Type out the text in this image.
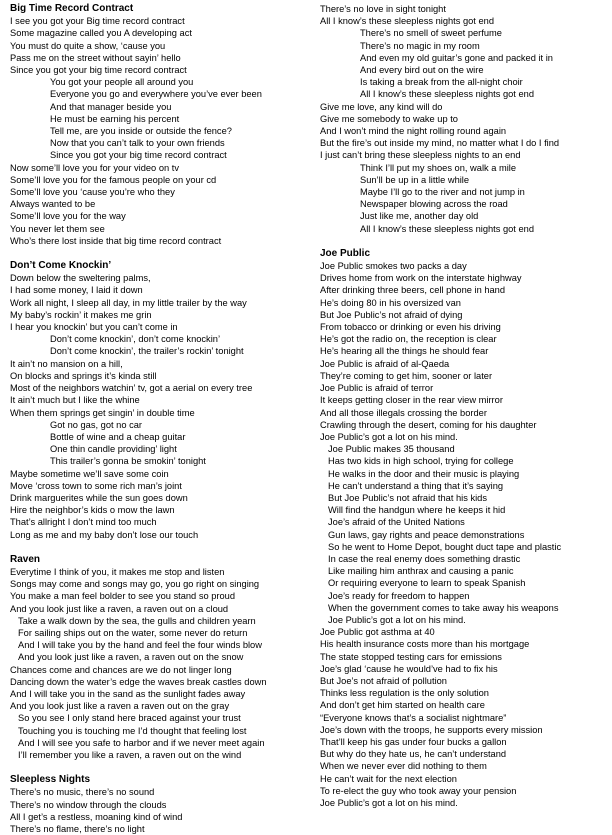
Big Time Record Contract
I see you got your Big time record contract
Some magazine called you A developing act
You must do quite a show, ‘cause you
Pass me on the street without sayin’ hello
Since you got your big time record contract
You got your people all around you
Everyone you go and everywhere you’ve ever been
And that manager beside you
He must be earning his percent
Tell me, are you inside or outside the fence?
Now that you can’t talk to your own friends
Since you got your big time record contract
Now some’ll love you for your video on tv
Some’ll love you for the famous people on your cd
Some’ll love you ‘cause you’re who they
Always wanted to be
Some’ll love you for the way
You never let them see
Who’s there lost inside that big time record contract
Don’t Come Knockin’
Down below the sweltering palms,
I had some money, I laid it down
Work all night, I sleep all day, in my little trailer by the way
My baby’s rockin’ it makes me grin
I hear you knockin’ but you can’t come in
Don’t come knockin’, don’t come knockin’
Don’t come knockin’, the trailer’s rockin’ tonight
It ain’t no mansion on a hill,
On blocks and springs it’s kinda still
Most of the neighbors watchin’ tv, got a aerial on every tree
It ain’t much but I like the whine
When them springs get singin’ in double time
Got no gas, got no car
Bottle of wine and a cheap guitar
One thin candle providing’ light
This trailer’s gonna be smokin’ tonight
Maybe sometime we’ll save some coin
Move ‘cross town to some rich man’s joint
Drink marguerites while the sun goes down
Hire the neighbor’s kids o mow the lawn
That’s allright I don’t mind too much
Long as me and my baby don’t lose our touch
Raven
Everytime I think of you, it makes me stop and listen
Songs may come and songs may go, you go right on singing
You make a man feel bolder to see you stand so proud
And you look just like a raven, a raven out on a cloud
Take a walk down by the sea, the gulls and children yearn
For sailing ships out on the water, some never do return
And I will take you by the hand and feel the four winds blow
And you look just like a raven, a raven out on the snow
Chances come and chances are we do not linger long
Dancing down the water’s edge the waves break castles down
And I will take you in the sand as the sunlight fades away
And you look just like a raven a raven out on the gray
So you see I only stand here braced against your trust
Touching you is touching me I’d thought that feeling lost
And I will see you safe to harbor and if we never meet again
I’ll remember you like a raven, a raven out on the wind
Sleepless Nights
There’s no music, there’s no sound
There’s no window through the clouds
All I get’s a restless, moaning kind of wind
There’s no flame, there’s no light
There’s no love in sight tonight
All I know’s these sleepless nights got end
There’s no smell of sweet perfume
There’s no magic in my room
And even my old guitar’s gone and packed it in
And every bird out on the wire
Is taking a break from the all-night choir
All I know’s these sleepless nights got end
Give me love, any kind will do
Give me somebody to wake up to
And I won’t mind the night rolling round again
But the fire’s out inside my mind, no matter what I do I find
I just can’t bring these sleepless nights to an end
Think I’ll put my shoes on, walk a mile
Sun’ll be up in a little while
Maybe I’ll go to the river and not jump in
Newspaper blowing across the road
Just like me, another day old
All I know’s these sleepless nights got end
Joe Public
Joe Public smokes two packs a day
Drives home from work on the interstate highway
After drinking three beers, cell phone in hand
He’s doing 80 in his oversized van
But Joe Public’s not afraid of dying
From tobacco or drinking or even his driving
He’s got the radio on, the reception is clear
He’s hearing all the things he should fear
Joe Public is afraid of al-Qaeda
They’re coming to get him, sooner or later
Joe Public is afraid of terror
It keeps getting closer in the rear view mirror
And all those illegals crossing the border
Crawling through the desert, coming for his daughter
Joe Public’s got a lot on his mind.
Joe Public makes 35 thousand
Has two kids in high school, trying for college
He walks in the door and their music is playing
He can’t understand a thing that it’s saying
But Joe Public’s not afraid that his kids
Will find the handgun where he keeps it hid
Joe’s afraid of the United Nations
Gun laws, gay rights and peace demonstrations
So he went to Home Depot, bought duct tape and plastic
In case the real enemy does something drastic
Like mailing him anthrax and causing a panic
Or requiring everyone to learn to speak Spanish
Joe’s ready for freedom to happen
When the government comes to take away his weapons
Joe Public’s got a lot on his mind.
Joe Public got asthma at 40
His health insurance costs more than his mortgage
The state stopped testing cars for emissions
Joe’s glad ‘cause he would’ve had to fix his
But Joe’s not afraid of pollution
Thinks less regulation is the only solution
And don’t get him started on health care
“Everyone knows that’s a socialist nightmare”
Joe’s down with the troops, he supports every mission
That’ll keep his gas under four bucks a gallon
But why do they hate us, he can’t understand
When we never ever did nothing to them
He can’t wait for the next election
To re-elect the guy who took away your pension
Joe Public’s got a lot on his mind.
